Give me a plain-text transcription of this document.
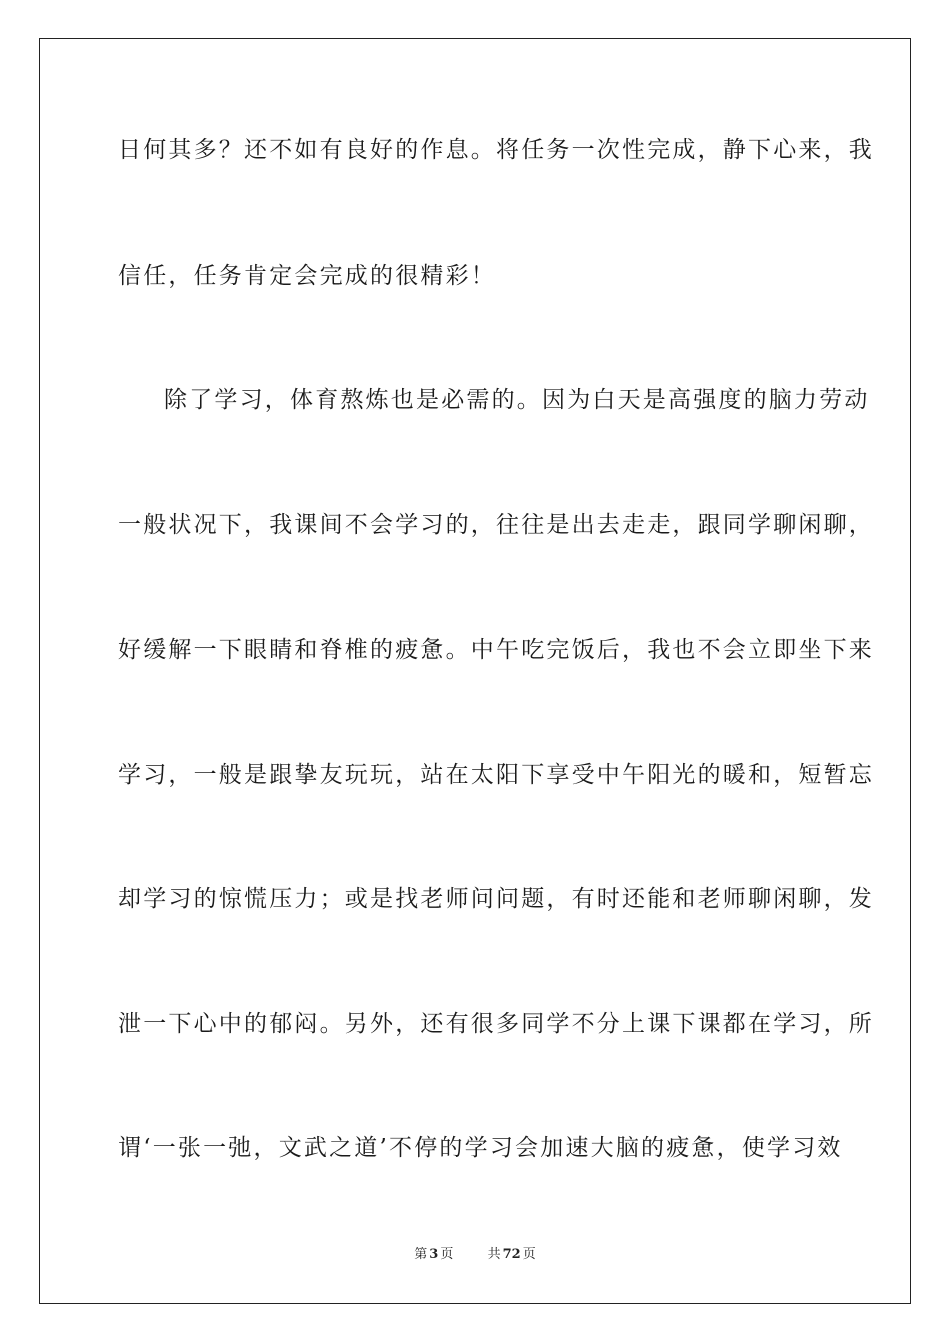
日何其多？还不如有良好的作息。将任务一次性完成，静下心来，我
信任，任务肯定会完成的很精彩！
除了学习，体育熬炼也是必需的。因为白天是高强度的脑力劳动
一般状况下，我课间不会学习的，往往是出去走走，跟同学聊闲聊，
好缓解一下眼睛和脊椎的疲惫。中午吃完饭后，我也不会立即坐下来
学习，一般是跟挚友玩玩，站在太阳下享受中午阳光的暖和，短暂忘
却学习的惊慌压力；或是找老师问问题，有时还能和老师聊闲聊，发
泄一下心中的郁闷。另外，还有很多同学不分上课下课都在学习，所
谓‘一张一弛，文武之道’不停的学习会加速大脑的疲惫，使学习效
第 3 页	共 72 页
